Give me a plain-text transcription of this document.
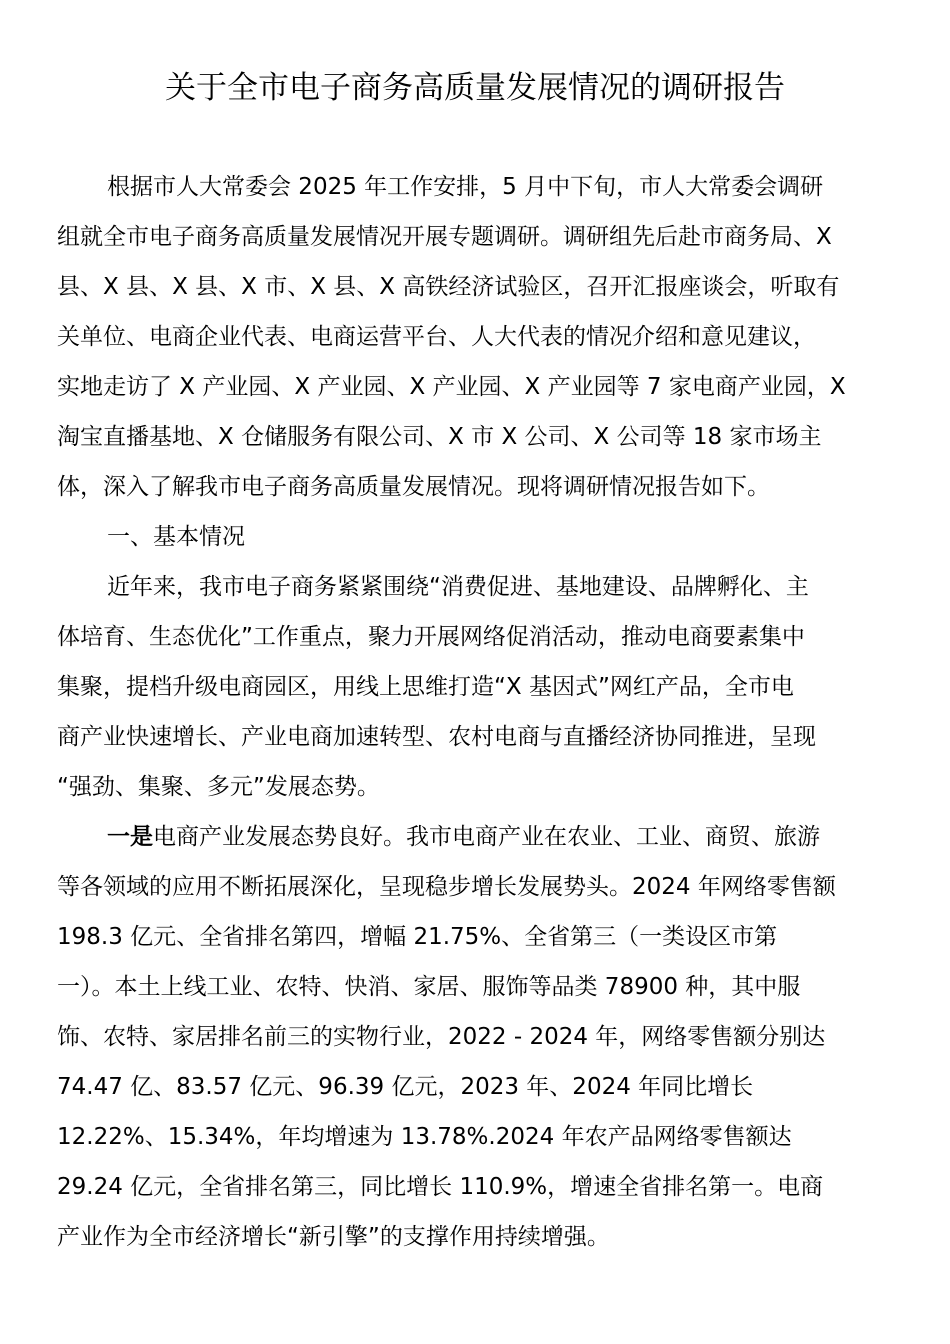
关于全市电子商务高质量发展情况的调研报告
根据市人大常委会 2025 年工作安排，5 月中下旬，市人大常委会调研
组就全市电子商务高质量发展情况开展专题调研。调研组先后赴市商务局、X
县、X 县、X 县、X 市、X 县、X 高铁经济试验区，召开汇报座谈会，听取有
关单位、电商企业代表、电商运营平台、人大代表的情况介绍和意见建议，
实地走访了 X 产业园、X 产业园、X 产业园、X 产业园等 7 家电商产业园，X
淘宝直播基地、X 仓储服务有限公司、X 市 X 公司、X 公司等 18 家市场主
体，深入了解我市电子商务高质量发展情况。现将调研情况报告如下。
一、基本情况
近年来，我市电子商务紧紧围绕“消费促进、基地建设、品牌孵化、主
体培育、生态优化”工作重点，聚力开展网络促消活动，推动电商要素集中
集聚，提档升级电商园区，用线上思维打造“X 基因式”网红产品，全市电
商产业快速增长、产业电商加速转型、农村电商与直播经济协同推进，呈现
“强劲、集聚、多元”发展态势。
一是电商产业发展态势良好。我市电商产业在农业、工业、商贸、旅游
等各领域的应用不断拓展深化，呈现稳步增长发展势头。2024 年网络零售额
198.3 亿元、全省排名第四，增幅 21.75%、全省第三（一类设区市第
一）。本土上线工业、农特、快消、家居、服饰等品类 78900 种，其中服
饰、农特、家居排名前三的实物行业，2022 - 2024 年，网络零售额分别达
74.47 亿、83.57 亿元、96.39 亿元，2023 年、2024 年同比增长
12.22%、15.34%，年均增速为 13.78%.2024 年农产品网络零售额达
29.24 亿元，全省排名第三，同比增长 110.9%，增速全省排名第一。电商
产业作为全市经济增长“新引擎”的支撑作用持续增强。
